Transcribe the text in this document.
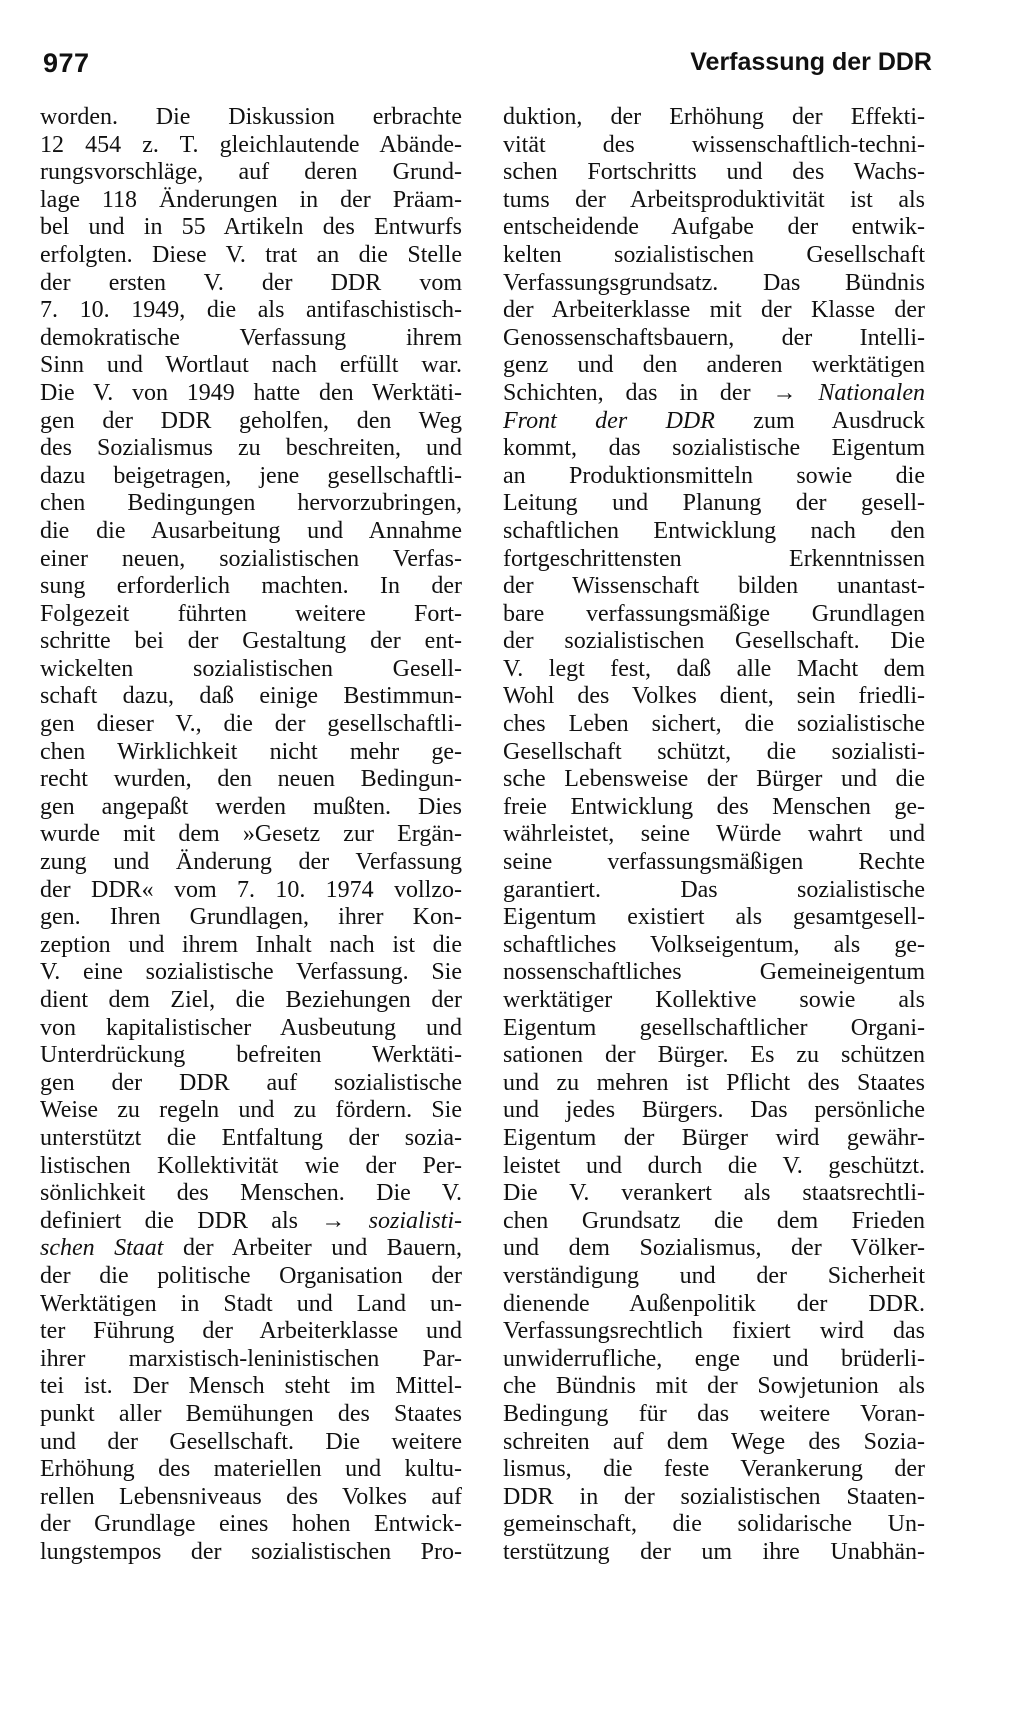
977	Verfassung der DDR
worden. Die Diskussion erbrachte
12 454 z. T. gleichlautende Abände-
rungsvorschläge, auf deren Grund-
lage 118 Änderungen in der Präam-
bel und in 55 Artikeln des Entwurfs
erfolgten. Diese V. trat an die Stelle
der ersten V. der DDR vom
7. 10. 1949, die als antifaschistisch-
demokratische Verfassung ihrem
Sinn und Wortlaut nach erfüllt war.
Die V. von 1949 hatte den Werktäti-
gen der DDR geholfen, den Weg
des Sozialismus zu beschreiten, und
dazu beigetragen, jene gesellschaftli-
chen Bedingungen hervorzubringen,
die die Ausarbeitung und Annahme
einer neuen, sozialistischen Verfas-
sung erforderlich machten. In der
Folgezeit führten weitere Fort-
schritte bei der Gestaltung der ent-
wickelten sozialistischen Gesell-
schaft dazu, daß einige Bestimmun-
gen dieser V., die der gesellschaftli-
chen Wirklichkeit nicht mehr ge-
recht wurden, den neuen Bedingun-
gen angepaßt werden mußten. Dies
wurde mit dem »Gesetz zur Ergän-
zung und Änderung der Verfassung
der DDR« vom 7. 10. 1974 vollzo-
gen. Ihren Grundlagen, ihrer Kon-
zeption und ihrem Inhalt nach ist die
V. eine sozialistische Verfassung. Sie
dient dem Ziel, die Beziehungen der
von kapitalistischer Ausbeutung und
Unterdrückung befreiten Werktäti-
gen der DDR auf sozialistische
Weise zu regeln und zu fördern. Sie
unterstützt die Entfaltung der sozia-
listischen Kollektivität wie der Per-
sönlichkeit des Menschen. Die V.
definiert die DDR als → sozialisti-
schen Staat der Arbeiter und Bauern,
der die politische Organisation der
Werktätigen in Stadt und Land un-
ter Führung der Arbeiterklasse und
ihrer marxistisch-leninistischen Par-
tei ist. Der Mensch steht im Mittel-
punkt aller Bemühungen des Staates
und der Gesellschaft. Die weitere
Erhöhung des materiellen und kultu-
rellen Lebensniveaus des Volkes auf
der Grundlage eines hohen Entwick-
lungstempos der sozialistischen Pro-
duktion, der Erhöhung der Effekti-
vität des wissenschaftlich-techni-
schen Fortschritts und des Wachs-
tums der Arbeitsproduktivität ist als
entscheidende Aufgabe der entwik-
kelten sozialistischen Gesellschaft
Verfassungsgrundsatz. Das Bündnis
der Arbeiterklasse mit der Klasse der
Genossenschaftsbauern, der Intelli-
genz und den anderen werktätigen
Schichten, das in der → Nationalen
Front der DDR zum Ausdruck
kommt, das sozialistische Eigentum
an Produktionsmitteln sowie die
Leitung und Planung der gesell-
schaftlichen Entwicklung nach den
fortgeschrittensten Erkenntnissen
der Wissenschaft bilden unantast-
bare verfassungsmäßige Grundlagen
der sozialistischen Gesellschaft. Die
V. legt fest, daß alle Macht dem
Wohl des Volkes dient, sein friedli-
ches Leben sichert, die sozialistische
Gesellschaft schützt, die sozialisti-
sche Lebensweise der Bürger und die
freie Entwicklung des Menschen ge-
währleistet, seine Würde wahrt und
seine verfassungsmäßigen Rechte
garantiert. Das sozialistische
Eigentum existiert als gesamtgesell-
schaftliches Volkseigentum, als ge-
nossenschaftliches Gemeineigentum
werktätiger Kollektive sowie als
Eigentum gesellschaftlicher Organi-
sationen der Bürger. Es zu schützen
und zu mehren ist Pflicht des Staates
und jedes Bürgers. Das persönliche
Eigentum der Bürger wird gewähr-
leistet und durch die V. geschützt.
Die V. verankert als staatsrechtli-
chen Grundsatz die dem Frieden
und dem Sozialismus, der Völker-
verständigung und der Sicherheit
dienende Außenpolitik der DDR.
Verfassungsrechtlich fixiert wird das
unwiderrufliche, enge und brüderli-
che Bündnis mit der Sowjetunion als
Bedingung für das weitere Voran-
schreiten auf dem Wege des Sozia-
lismus, die feste Verankerung der
DDR in der sozialistischen Staaten-
gemeinschaft, die solidarische Un-
terstützung der um ihre Unabhän-
